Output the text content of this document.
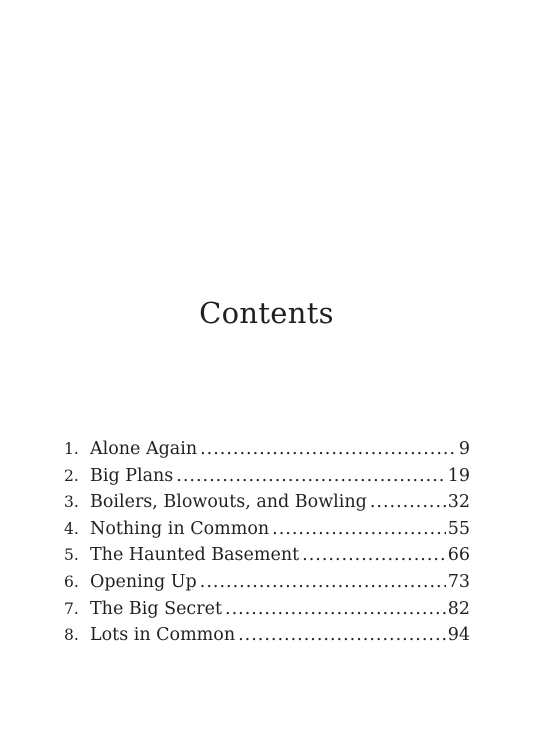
Contents
1. Alone Again .....	9
2. Big Plans .....	19
3. Boilers, Blowouts, and Bowling .....	32
4. Nothing in Common .....	55
5. The Haunted Basement .....	66
6. Opening Up .....	73
7. The Big Secret .....	82
8. Lots in Common .....	94
